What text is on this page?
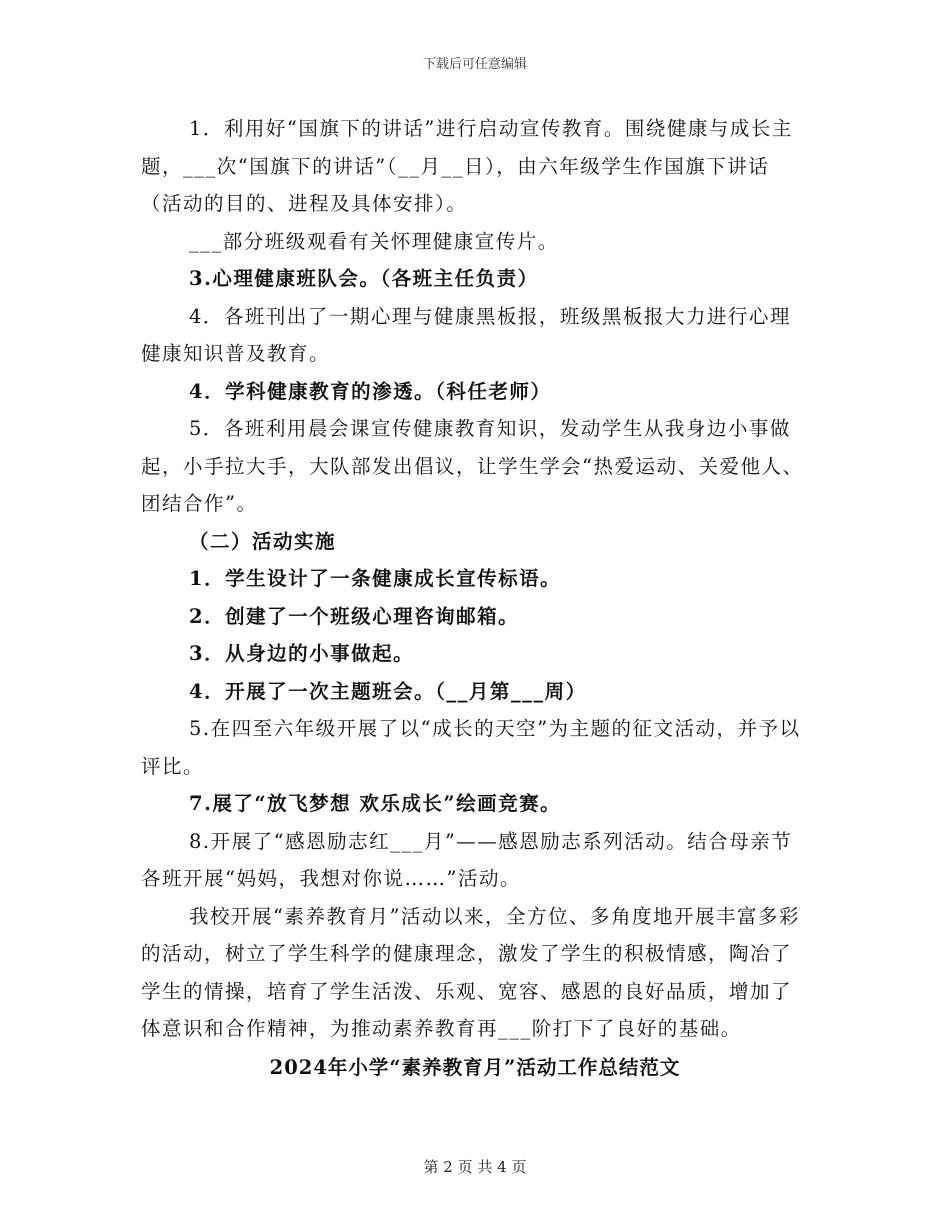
下载后可任意编辑

1．利用好“国旗下的讲话”进行启动宣传教育。围绕健康与成长主题，___次“国旗下的讲话”（__月__日），由六年级学生作国旗下讲话（活动的目的、进程及具体安排）。

___部分班级观看有关怀理健康宣传片。

3.心理健康班队会。（各班主任负责）

4．各班刊出了一期心理与健康黑板报，班级黑板报大力进行心理健康知识普及教育。

4．学科健康教育的渗透。（科任老师）

5．各班利用晨会课宣传健康教育知识，发动学生从我身边小事做起，小手拉大手，大队部发出倡议，让学生学会“热爱运动、关爱他人、团结合作”。

（二）活动实施

1．学生设计了一条健康成长宣传标语。

2．创建了一个班级心理咨询邮箱。

3．从身边的小事做起。

4．开展了一次主题班会。（__月第___周）

5.在四至六年级开展了以“成长的天空”为主题的征文活动，并予以评比。

7.展了“放飞梦想 欢乐成长”绘画竞赛。

8.开展了“感恩励志红___月”——感恩励志系列活动。结合母亲节各班开展“妈妈，我想对你说……”活动。

我校开展“素养教育月”活动以来，全方位、多角度地开展丰富多彩的活动，树立了学生科学的健康理念，激发了学生的积极情感，陶冶了学生的情操，培育了学生活泼、乐观、宽容、感恩的良好品质，增加了体意识和合作精神，为推动素养教育再___阶打下了良好的基础。

2024年小学“素养教育月”活动工作总结范文
第 2 页 共 4 页
